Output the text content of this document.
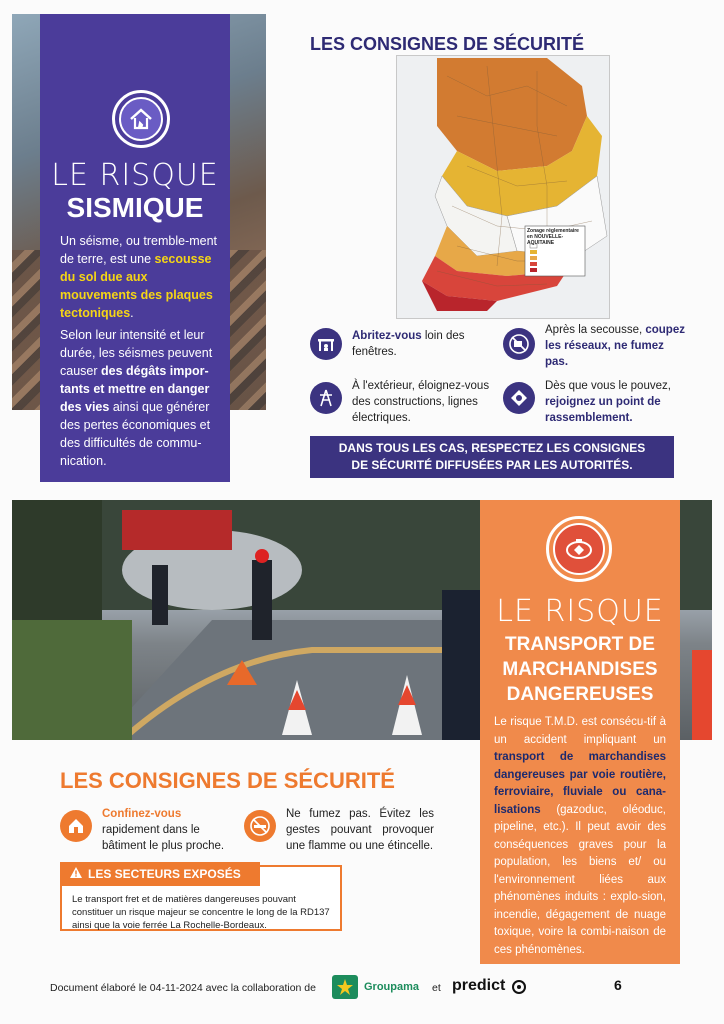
LE RISQUE
SISMIQUE
Un séisme, ou tremble-ment de terre, est une secousse du sol due aux mouvements des plaques tectoniques.
Selon leur intensité et leur durée, les séismes peuvent causer des dégâts impor-tants et mettre en danger des vies ainsi que générer des pertes économiques et des difficultés de commu-nication.
LES CONSIGNES DE SÉCURITÉ
Zonage réglementaire en NOUVELLE-AQUITAINE
Abritez-vous loin des fenêtres.
Après la secousse, coupez les réseaux, ne fumez pas.
À l'extérieur, éloignez-vous des constructions, lignes électriques.
Dès que vous le pouvez, rejoignez un point de rassemblement.
DANS TOUS LES CAS, RESPECTEZ LES CONSIGNES
DE SÉCURITÉ DIFFUSÉES PAR LES AUTORITÉS.
LE RISQUE
TRANSPORT DE
MARCHANDISES
DANGEREUSES
Le risque T.M.D. est consécu-tif à un accident impliquant un transport de marchandises dangereuses par voie routière, ferroviaire, fluviale ou cana-lisations (gazoduc, oléoduc, pipeline, etc.). Il peut avoir des conséquences graves pour la population, les biens et/ ou l'environnement liées aux phénomènes induits : explo-sion, incendie, dégagement de nuage toxique, voire la combi-naison de ces phénomènes.
LES CONSIGNES DE SÉCURITÉ
Confinez-vous
rapidement dans le bâtiment le plus proche.
Ne fumez pas. Évitez les gestes pouvant provoquer une flamme ou une étincelle.
Le transport fret et de matières dangereuses pouvant constituer un risque majeur se concentre le long de la RD137 ainsi que la voie ferrée La Rochelle-Bordeaux.
LES SECTEURS EXPOSÉS
Document élaboré le 04-11-2024 avec la collaboration de	Groupama et predict	6
